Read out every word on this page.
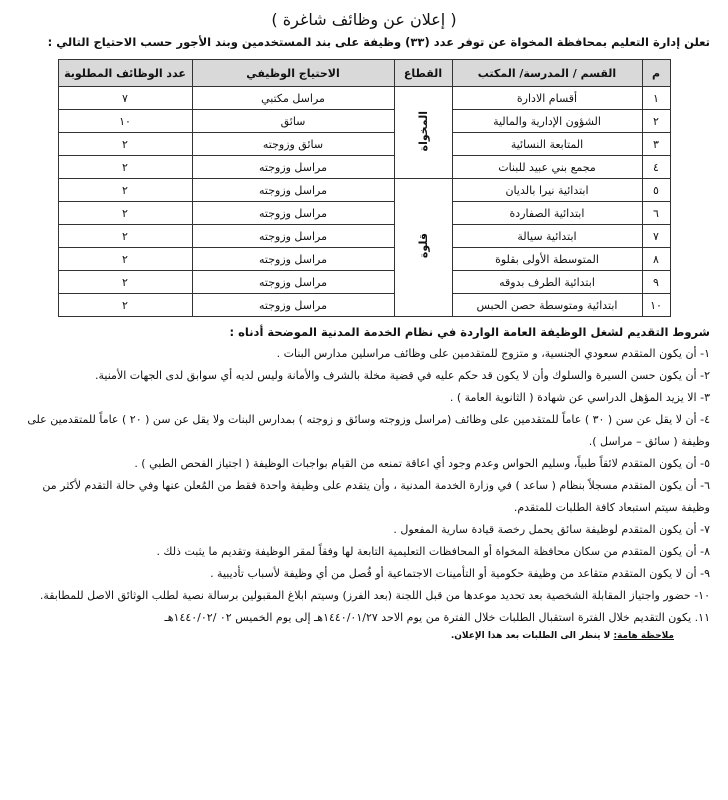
( إعلان عن وظائف شاغرة )
تعلن إدارة التعليم بمحافظة المخواة عن توفر عدد (٣٣) وظيفة على بند المستخدمين وبند الأجور حسب الاحتياج التالي :
م	القسم / المدرسة/ المكتب	القطاع	الاحتياج الوظيفي	عدد الوظائف المطلوبة
١	أقسام الادارة	المخواة	مراسل مكتبي	٧
٢	الشؤون الإدارية والمالية		سائق	١٠
٣	المتابعة النسائية		سائق وزوجته	٢
٤	مجمع بني عبيد للبنات		مراسل وزوجته	٢
٥	ابتدائية نيرا بالديان	قلوة	مراسل وزوجته	٢
٦	ابتدائية الصفاردة		مراسل وزوجته	٢
٧	ابتدائية سيالة		مراسل وزوجته	٢
٨	المتوسطة الأولى بقلوة		مراسل وزوجته	٢
٩	ابتدائية الطرف بدوقه		مراسل وزوجته	٢
١٠	ابتدائية ومتوسطة حصن الحبس		مراسل وزوجته	٢
شروط التقديم لشغل الوظيفة العامة الواردة في نظام الخدمة المدنية الموضحة أدناه :
١- أن يكون المتقدم سعودي الجنسية، و متزوج للمتقدمين على وظائف مراسلين مدارس البنات .
٢- أن يكون حسن السيرة والسلوك وأن لا يكون قد حكم عليه في قضية مخلة بالشرف والأمانة وليس لديه أي سوابق لدى الجهات الأمنية.
٣- الا يزيد المؤهل الدراسي عن شهادة ( الثانوية العامة ) .
٤- أن لا يقل عن سن ( ٣٠ ) عاماً للمتقدمين على وظائف (مراسل وزوجته وسائق و زوجته ) بمدارس البنات ولا يقل عن سن ( ٢٠ ) عاماً للمتقدمين على وظيفة ( سائق – مراسل ).
٥- أن يكون المتقدم لائقاً طبياً، وسليم الحواس وعدم وجود أي اعاقة تمنعه من القيام بواجبات الوظيفة ( اجتياز الفحص الطبي ) .
٦- أن يكون المتقدم مسجلاً بنظام ( ساعد ) في وزارة الخدمة المدنية ، وأن يتقدم على وظيفة واحدة فقط من المُعلن عنها وفي حالة التقدم لأكثر من وظيفة سيتم استبعاد كافة الطلبات للمتقدم.
٧- أن يكون المتقدم لوظيفة سائق يحمل رخصة قيادة سارية المفعول .
٨- أن يكون المتقدم من سكان محافظة المخواة أو المحافظات التعليمية التابعة لها وفقاً لمقر الوظيفة وتقديم ما يثبت ذلك .
٩- أن لا يكون المتقدم متقاعد من وظيفة حكومية أو التأمينات الاجتماعية أو فُصل من أي وظيفة لأسباب تأديبية .
١٠- حضور واجتياز المقابلة الشخصية بعد تحديد موعدها من قبل اللجنة (بعد الفرز) وسيتم ابلاغ المقبولين برسالة نصية لطلب الوثائق الاصل للمطابقة.
١١. يكون التقديم خلال الفترة استقبال الطلبات خلال الفترة من يوم الاحد ١٤٤٠/٠١/٢٧هـ إلى يوم الخميس ٠٢ /١٤٤٠/٠٢هـ
ملاحظة هامة: لا ينظر الى الطلبات بعد هذا الإعلان.
